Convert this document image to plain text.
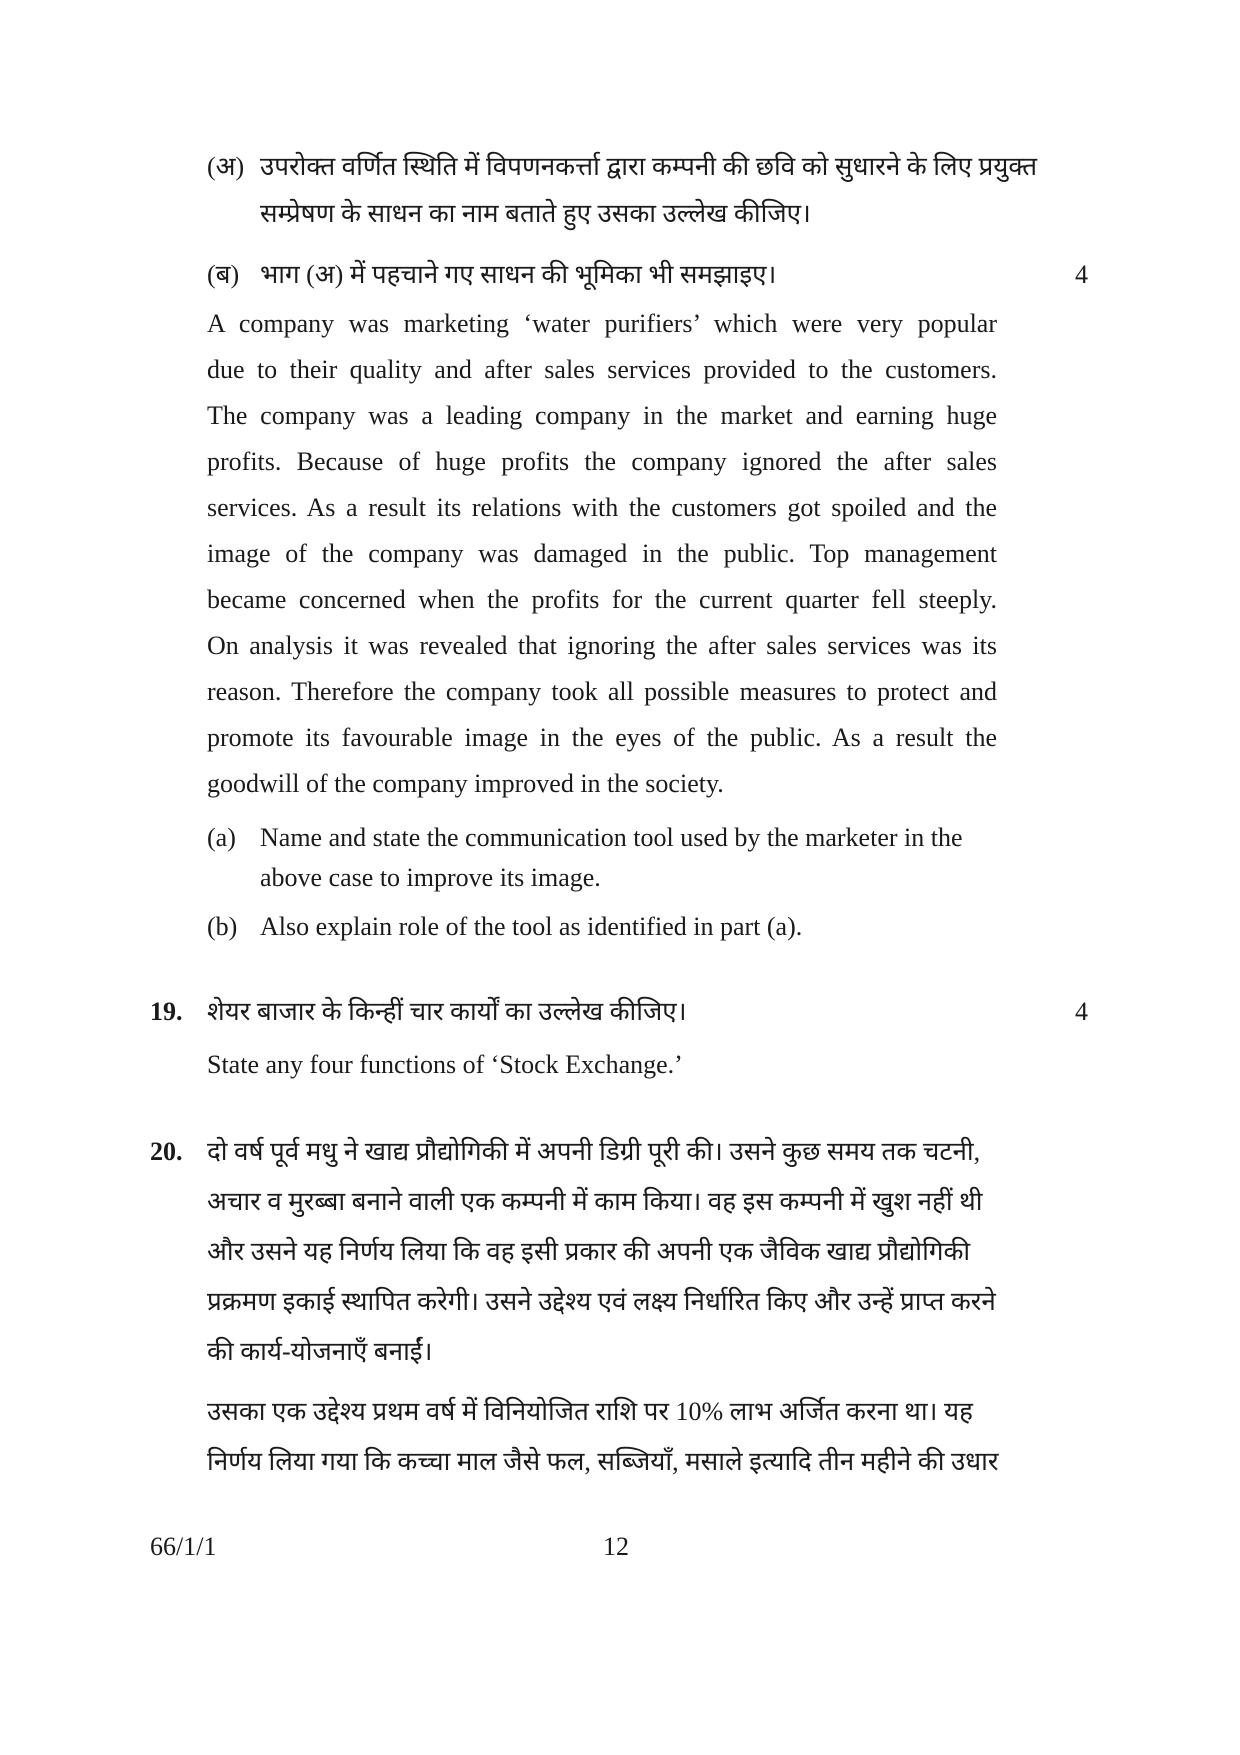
(अ) उपरोक्त वर्णित स्थिति में विपणनकर्त्ता द्वारा कम्पनी की छवि को सुधारने के लिए प्रयुक्त
सम्प्रेषण के साधन का नाम बताते हुए उसका उल्लेख कीजिए।
(ब) भाग (अ) में पहचाने गए साधन की भूमिका भी समझाइए।	4
A company was marketing ‘water purifiers’ which were very popular
due to their quality and after sales services provided to the customers.
The company was a leading company in the market and earning huge
profits. Because of huge profits the company ignored the after sales
services. As a result its relations with the customers got spoiled and the
image of the company was damaged in the public. Top management
became concerned when the profits for the current quarter fell steeply.
On analysis it was revealed that ignoring the after sales services was its
reason. Therefore the company took all possible measures to protect and
promote its favourable image in the eyes of the public. As a result the
goodwill of the company improved in the society.
(a) Name and state the communication tool used by the marketer in the
above case to improve its image.
(b) Also explain role of the tool as identified in part (a).
19. शेयर बाजार के किन्हीं चार कार्यों का उल्लेख कीजिए।	4
State any four functions of ‘Stock Exchange.’
20. दो वर्ष पूर्व मधु ने खाद्य प्रौद्योगिकी में अपनी डिग्री पूरी की। उसने कुछ समय तक चटनी,
अचार व मुरब्बा बनाने वाली एक कम्पनी में काम किया। वह इस कम्पनी में खुश नहीं थी
और उसने यह निर्णय लिया कि वह इसी प्रकार की अपनी एक जैविक खाद्य प्रौद्योगिकी
प्रक्रमण इकाई स्थापित करेगी। उसने उद्देश्य एवं लक्ष्य निर्धारित किए और उन्हें प्राप्त करने
की कार्य-योजनाएँ बनाईं।
उसका एक उद्देश्य प्रथम वर्ष में विनियोजित राशि पर 10% लाभ अर्जित करना था। यह
निर्णय लिया गया कि कच्चा माल जैसे फल, सब्जियाँ, मसाले इत्यादि तीन महीने की उधार
66/1/1	12
